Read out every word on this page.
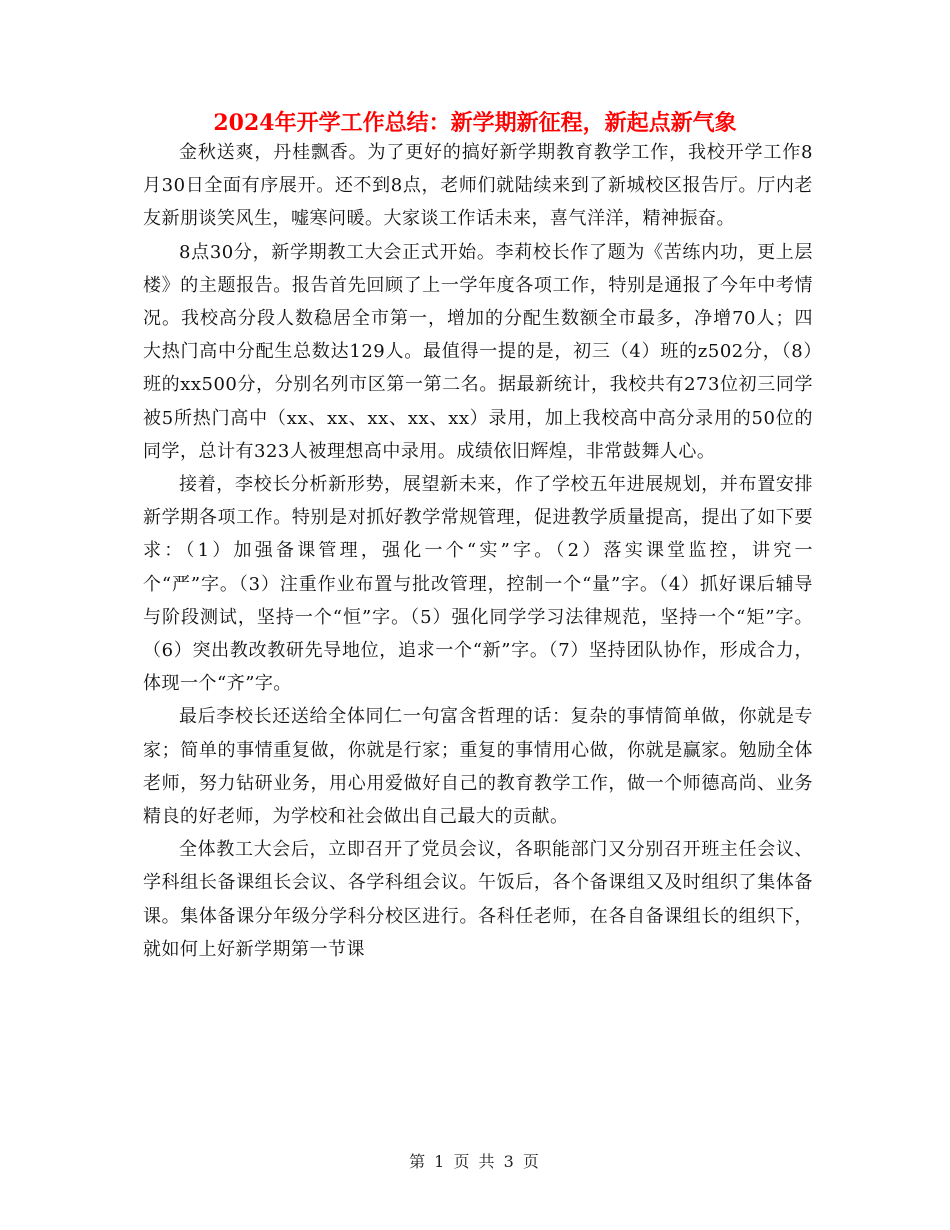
2024年开学工作总结：新学期新征程，新起点新气象

金秋送爽，丹桂飘香。为了更好的搞好新学期教育教学工作，我校开学工作8月30日全面有序展开。还不到8点，老师们就陆续来到了新城校区报告厅。厅内老友新朋谈笑风生，嘘寒问暖。大家谈工作话未来，喜气洋洋，精神振奋。

8点30分，新学期教工大会正式开始。李莉校长作了题为《苦练内功，更上层楼》的主题报告。报告首先回顾了上一学年度各项工作，特别是通报了今年中考情况。我校高分段人数稳居全市第一，增加的分配生数额全市最多，净增70人；四大热门高中分配生总数达129人。最值得一提的是，初三（4）班的z502分，（8）班的xx500分，分别名列市区第一第二名。据最新统计，我校共有273位初三同学被5所热门高中（xx、xx、xx、xx、xx）录用，加上我校高中高分录用的50位的同学，总计有323人被理想高中录用。成绩依旧辉煌，非常鼓舞人心。

接着，李校长分析新形势，展望新未来，作了学校五年进展规划，并布置安排新学期各项工作。特别是对抓好教学常规管理，促进教学质量提高，提出了如下要求：（1）加强备课管理，强化一个“实”字。（2）落实课堂监控，讲究一个“严”字。（3）注重作业布置与批改管理，控制一个“量”字。（4）抓好课后辅导与阶段测试，坚持一个“恒”字。（5）强化同学学习法律规范，坚持一个“矩”字。（6）突出教改教研先导地位，追求一个“新”字。（7）坚持团队协作，形成合力，体现一个“齐”字。

最后李校长还送给全体同仁一句富含哲理的话：复杂的事情简单做，你就是专家；简单的事情重复做，你就是行家；重复的事情用心做，你就是赢家。勉励全体老师，努力钻研业务，用心用爱做好自己的教育教学工作，做一个师德高尚、业务精良的好老师，为学校和社会做出自己最大的贡献。

全体教工大会后，立即召开了党员会议，各职能部门又分别召开班主任会议、学科组长备课组长会议、各学科组会议。午饭后，各个备课组又及时组织了集体备课。集体备课分年级分学科分校区进行。各科任老师，在各自备课组长的组织下，就如何上好新学期第一节课

第 1 页 共 3 页
